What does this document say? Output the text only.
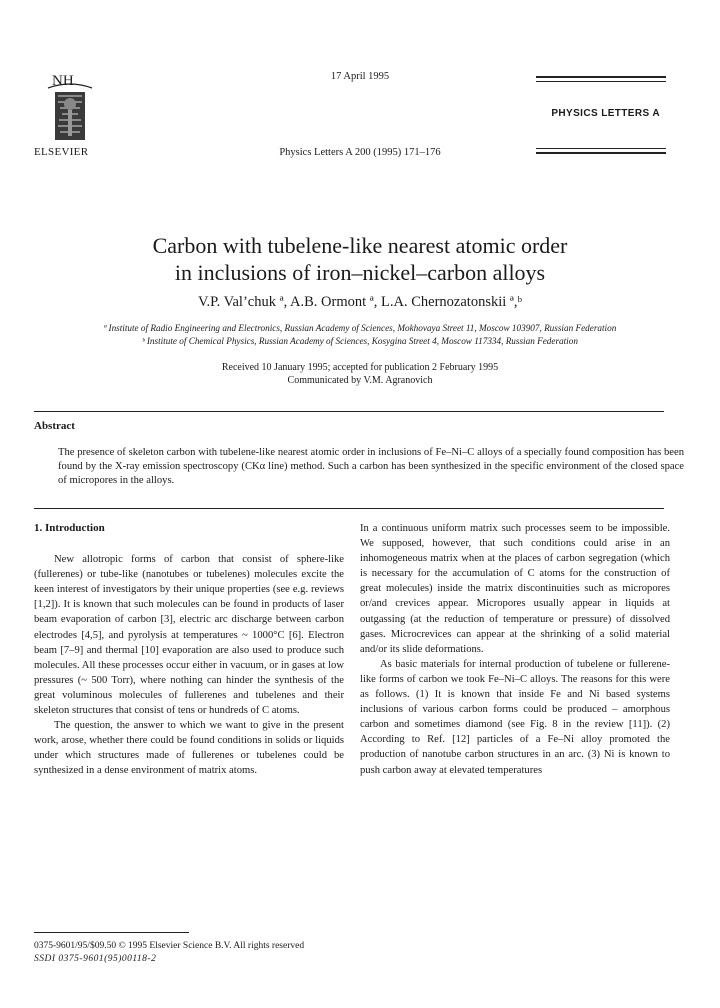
NH
ELSEVIER
17 April 1995
Physics Letters A 200 (1995) 171–176
PHYSICS LETTERS A
Carbon with tubelene-like nearest atomic order
in inclusions of iron–nickel–carbon alloys
V.P. Val’chuk ª, A.B. Ormont ª, L.A. Chernozatonskii ª,ᵇ
ª Institute of Radio Engineering and Electronics, Russian Academy of Sciences, Mokhovaya Street 11, Moscow 103907, Russian Federation
ᵇ Institute of Chemical Physics, Russian Academy of Sciences, Kosygina Street 4, Moscow 117334, Russian Federation
Received 10 January 1995; accepted for publication 2 February 1995
Communicated by V.M. Agranovich
Abstract
The presence of skeleton carbon with tubelene-like nearest atomic order in inclusions of Fe–Ni–C alloys of a specially found composition has been found by the X-ray emission spectroscopy (CKα line) method. Such a carbon has been synthesized in the specific environment of the closed space of micropores in the alloys.
1. Introduction

New allotropic forms of carbon that consist of sphere-like (fullerenes) or tube-like (nanotubes or tubelenes) molecules excite the keen interest of investigators by their unique properties (see e.g. reviews [1,2]). It is known that such molecules can be found in products of laser beam evaporation of carbon [3], electric arc discharge between carbon electrodes [4,5], and pyrolysis at temperatures ~ 1000°C [6]. Electron beam [7–9] and thermal [10] evaporation are also used to produce such molecules. All these processes occur either in vacuum, or in gases at low pressures (~ 500 Torr), where nothing can hinder the synthesis of the great voluminous molecules of fullerenes and tubelenes and their skeleton structures that consist of tens or hundreds of C atoms.

The question, the answer to which we want to give in the present work, arose, whether there could be found conditions in solids or liquids under which structures made of fullerenes or tubelenes could be synthesized in a dense environment of matrix atoms.

In a continuous uniform matrix such processes seem to be impossible. We supposed, however, that such conditions could arise in an inhomogeneous matrix when at the places of carbon segregation (which is necessary for the accumulation of C atoms for the construction of great molecules) inside the matrix discontinuities such as micropores or/and crevices appear. Micropores usually appear in liquids at outgassing (at the reduction of temperature or pressure) of dissolved gases. Microcrevices can appear at the shrinking of a solid material and/or its slide deformations.

As basic materials for internal production of tubelene or fullerene-like forms of carbon we took Fe–Ni–C alloys. The reasons for this were as follows. (1) It is known that inside Fe and Ni based systems inclusions of various carbon forms could be produced – amorphous carbon and sometimes diamond (see Fig. 8 in the review [11]). (2) According to Ref. [12] particles of a Fe–Ni alloy promoted the production of nanotube carbon structures in an arc. (3) Ni is known to push carbon away at elevated temperatures

0375-9601/95/$09.50 © 1995 Elsevier Science B.V. All rights reserved
SSDI 0375-9601(95)00118-2
